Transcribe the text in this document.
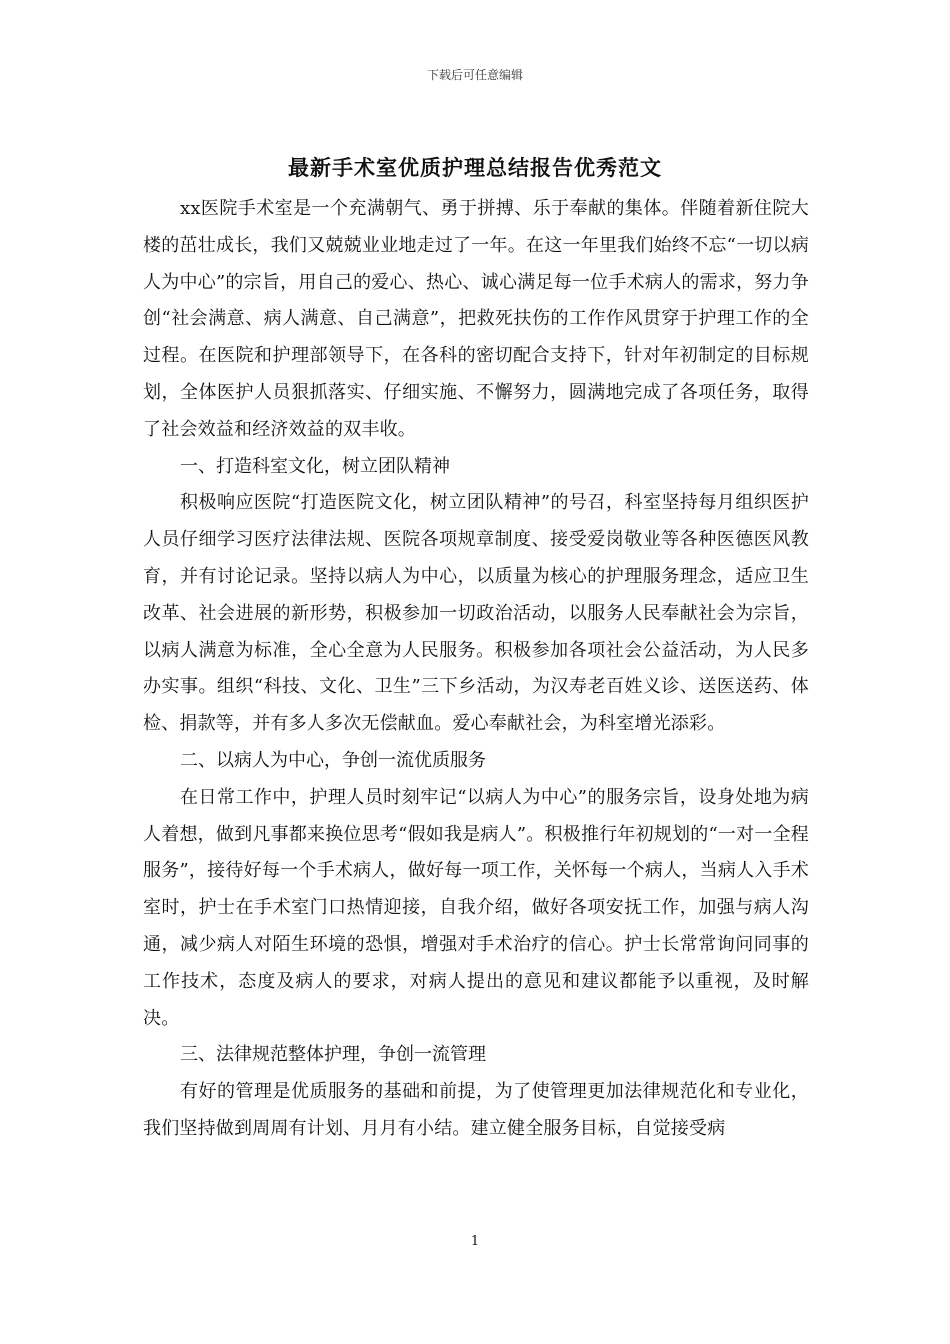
下载后可任意编辑
最新手术室优质护理总结报告优秀范文

xx医院手术室是一个充满朝气、勇于拼搏、乐于奉献的集体。伴随着新住院大楼的茁壮成长，我们又兢兢业业地走过了一年。在这一年里我们始终不忘“一切以病人为中心”的宗旨，用自己的爱心、热心、诚心满足每一位手术病人的需求，努力争创“社会满意、病人满意、自己满意”，把救死扶伤的工作作风贯穿于护理工作的全过程。在医院和护理部领导下，在各科的密切配合支持下，针对年初制定的目标规划，全体医护人员狠抓落实、仔细实施、不懈努力，圆满地完成了各项任务，取得了社会效益和经济效益的双丰收。

一、打造科室文化，树立团队精神

积极响应医院“打造医院文化，树立团队精神”的号召，科室坚持每月组织医护人员仔细学习医疗法律法规、医院各项规章制度、接受爱岗敬业等各种医德医风教育，并有讨论记录。坚持以病人为中心，以质量为核心的护理服务理念，适应卫生改革、社会进展的新形势，积极参加一切政治活动，以服务人民奉献社会为宗旨，以病人满意为标准，全心全意为人民服务。积极参加各项社会公益活动，为人民多办实事。组织“科技、文化、卫生”三下乡活动，为汉寿老百姓义诊、送医送药、体检、捐款等，并有多人多次无偿献血。爱心奉献社会，为科室增光添彩。

二、以病人为中心，争创一流优质服务

在日常工作中，护理人员时刻牢记“以病人为中心”的服务宗旨，设身处地为病人着想，做到凡事都来换位思考“假如我是病人”。积极推行年初规划的“一对一全程服务”，接待好每一个手术病人，做好每一项工作，关怀每一个病人，当病人入手术室时，护士在手术室门口热情迎接，自我介绍，做好各项安抚工作，加强与病人沟通，减少病人对陌生环境的恐惧，增强对手术治疗的信心。护士长常常询问同事的工作技术，态度及病人的要求，对病人提出的意见和建议都能予以重视，及时解决。

三、法律规范整体护理，争创一流管理

有好的管理是优质服务的基础和前提，为了使管理更加法律规范化和专业化，我们坚持做到周周有计划、月月有小结。建立健全服务目标，自觉接受病

1
